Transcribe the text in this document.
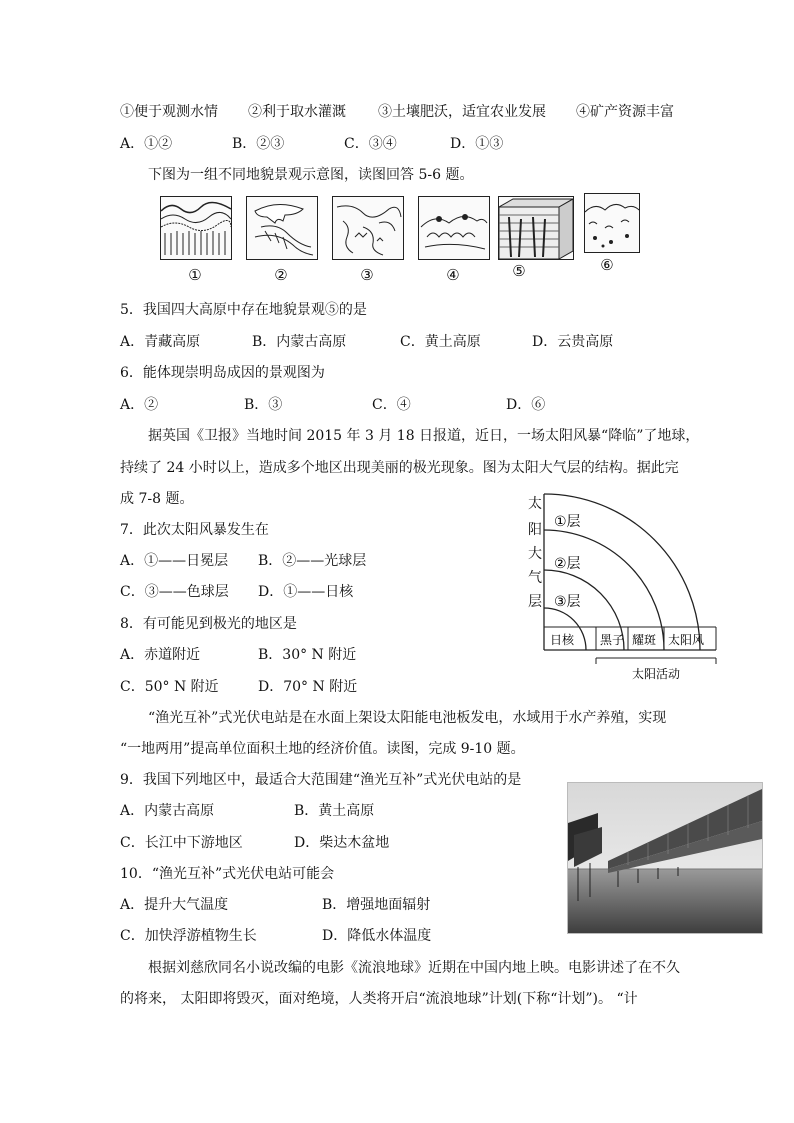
①便于观测水情 ②利于取水灌溉 ③土壤肥沃，适宜农业发展 ④矿产资源丰富
A．①②	B．②③	C．③④	D．①③
下图为一组不同地貌景观示意图，读图回答 5-6 题。
①	②	③	④	⑤	⑥
5．我国四大高原中存在地貌景观⑤的是
A．青藏高原	B．内蒙古高原	C．黄土高原	D．云贵高原
6．能体现崇明岛成因的景观图为
A．②	B．③	C．④	D．⑥
据英国《卫报》当地时间 2015 年 3 月 18 日报道，近日，一场太阳风暴“降临”了地球，
持续了 24 小时以上，造成多个地区出现美丽的极光现象。图为太阳大气层的结构。据此完
成 7-8 题。
7．此次太阳风暴发生在
A．①——日冕层 B．②——光球层
C．③——色球层 D．①——日核
8．有可能见到极光的地区是
A．赤道附近	B．30° N 附近
C．50° N 附近	D．70° N 附近
太
阳
大
气
层
①层
②层
③层
日核 黑子 耀斑 太阳风
太阳活动
“渔光互补”式光伏电站是在水面上架设太阳能电池板发电，水域用于水产养殖，实现
“一地两用”提高单位面积土地的经济价值。读图，完成 9-10 题。
9．我国下列地区中，最适合大范围建“渔光互补”式光伏电站的是
A．内蒙古高原	B．黄土高原
C．长江中下游地区	D．柴达木盆地
10．“渔光互补”式光伏电站可能会
A．提升大气温度	B．增强地面辐射
C．加快浮游植物生长	D．降低水体温度
根据刘慈欣同名小说改编的电影《流浪地球》近期在中国内地上映。电影讲述了在不久
的将来， 太阳即将毁灭，面对绝境，人类将开启“流浪地球”计划(下称“计划”)。 “计
